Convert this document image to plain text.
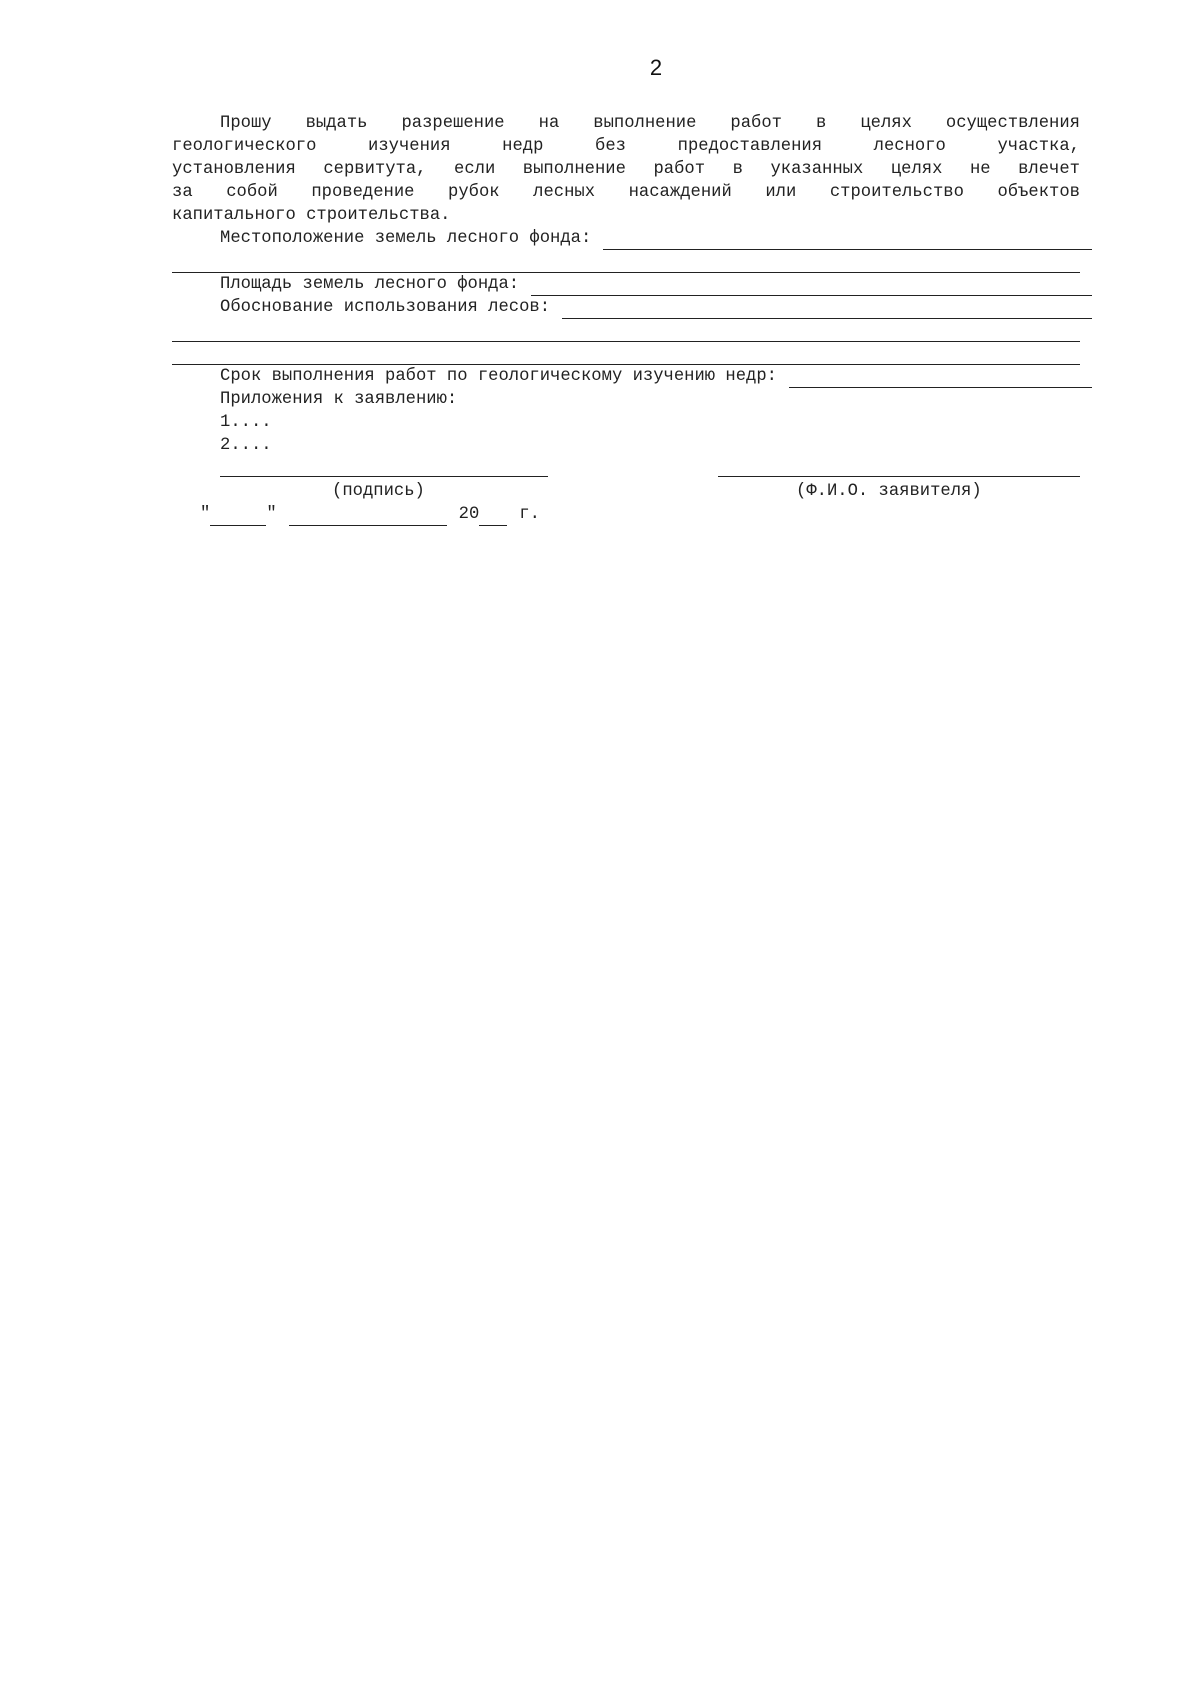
2
Прошу выдать разрешение на выполнение работ в целях осуществления
геологического изучения недр без предоставления лесного участка,
установления сервитута, если выполнение работ в указанных целях не влечет
за собой проведение рубок лесных насаждений или строительство объектов
капитального строительства.
Местоположение земель лесного фонда:
Площадь земель лесного фонда:
Обоснование использования лесов:
Срок выполнения работ по геологическому изучению недр:
Приложения к заявлению:
1....
2....
(подпись)	(Ф.И.О. заявителя)
"	"	20 г.
